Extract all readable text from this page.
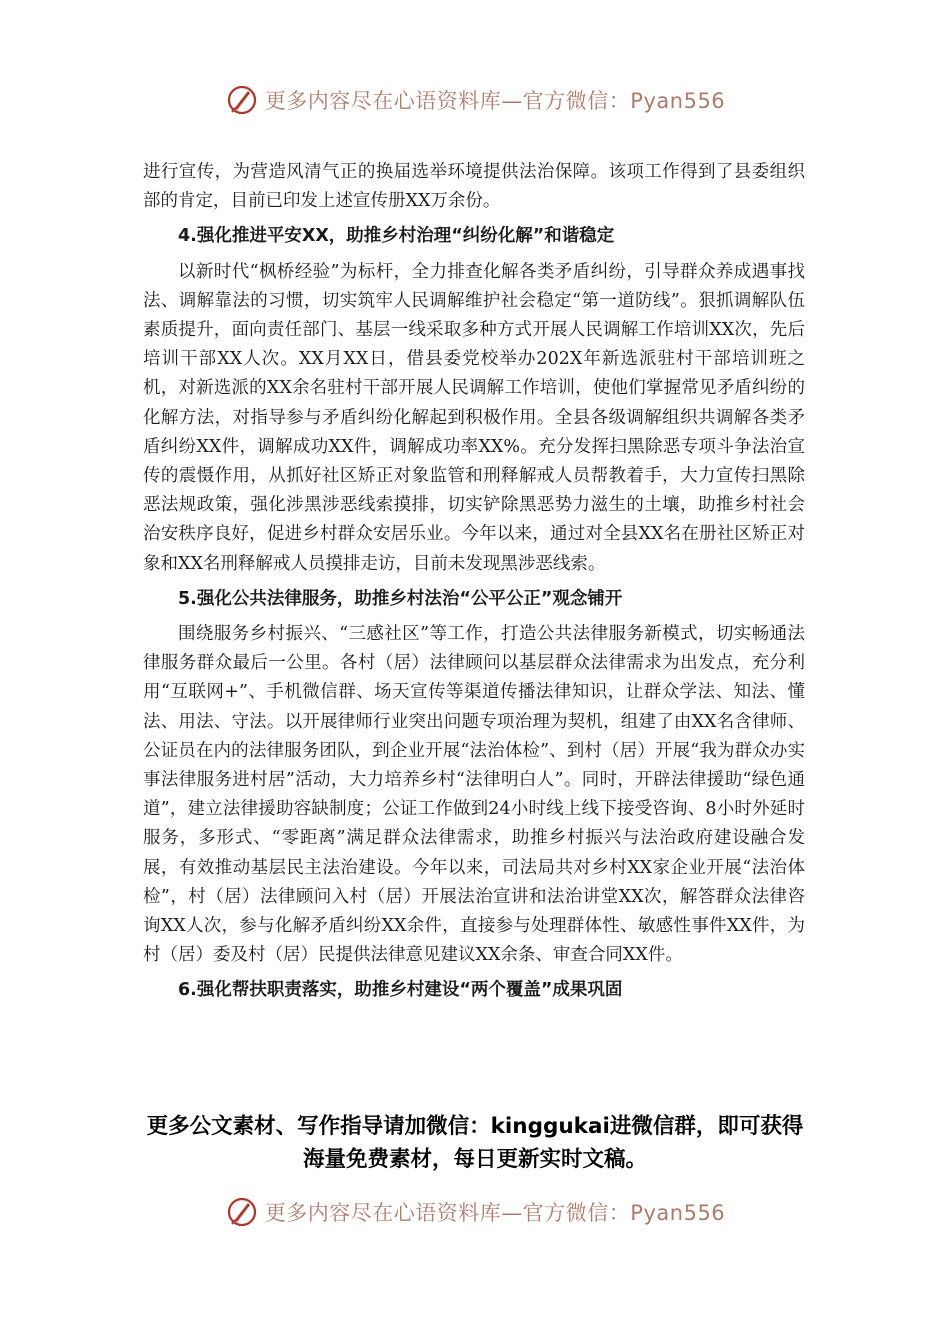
更多内容尽在心语资料库—官方微信：Pyan556

进行宣传，为营造风清气正的换届选举环境提供法治保障。该项工作得到了县委组织部的肯定，目前已印发上述宣传册XX万余份。

4.强化推进平安XX，助推乡村治理“纠纷化解”和谐稳定

以新时代“枫桥经验”为标杆，全力排查化解各类矛盾纠纷，引导群众养成遇事找法、调解靠法的习惯，切实筑牢人民调解维护社会稳定“第一道防线”。狠抓调解队伍素质提升，面向责任部门、基层一线采取多种方式开展人民调解工作培训XX次，先后培训干部XX人次。XX月XX日，借县委党校举办202X年新选派驻村干部培训班之机，对新选派的XX余名驻村干部开展人民调解工作培训，使他们掌握常见矛盾纠纷的化解方法，对指导参与矛盾纠纷化解起到积极作用。全县各级调解组织共调解各类矛盾纠纷XX件，调解成功XX件，调解成功率XX%。充分发挥扫黑除恶专项斗争法治宣传的震慑作用，从抓好社区矫正对象监管和刑释解戒人员帮教着手，大力宣传扫黑除恶法规政策，强化涉黑涉恶线索摸排，切实铲除黑恶势力滋生的土壤，助推乡村社会治安秩序良好，促进乡村群众安居乐业。今年以来，通过对全县XX名在册社区矫正对象和XX名刑释解戒人员摸排走访，目前未发现黑涉恶线索。

5.强化公共法律服务，助推乡村法治“公平公正”观念铺开

围绕服务乡村振兴、“三感社区”等工作，打造公共法律服务新模式，切实畅通法律服务群众最后一公里。各村（居）法律顾问以基层群众法律需求为出发点，充分利用“互联网+”、手机微信群、场天宣传等渠道传播法律知识，让群众学法、知法、懂法、用法、守法。以开展律师行业突出问题专项治理为契机，组建了由XX名含律师、公证员在内的法律服务团队，到企业开展“法治体检”、到村（居）开展“我为群众办实事法律服务进村居”活动，大力培养乡村“法律明白人”。同时，开辟法律援助“绿色通道”，建立法律援助容缺制度；公证工作做到24小时线上线下接受咨询、8小时外延时服务，多形式、“零距离”满足群众法律需求，助推乡村振兴与法治政府建设融合发展，有效推动基层民主法治建设。今年以来，司法局共对乡村XX家企业开展“法治体检”，村（居）法律顾问入村（居）开展法治宣讲和法治讲堂XX次，解答群众法律咨询XX人次，参与化解矛盾纠纷XX余件，直接参与处理群体性、敏感性事件XX件，为村（居）委及村（居）民提供法律意见建议XX余条、审查合同XX件。

6.强化帮扶职责落实，助推乡村建设“两个覆盖”成果巩固
更多公文素材、写作指导请加微信：kinggukai进微信群，即可获得海量免费素材，每日更新实时文稿。
更多内容尽在心语资料库—官方微信：Pyan556
